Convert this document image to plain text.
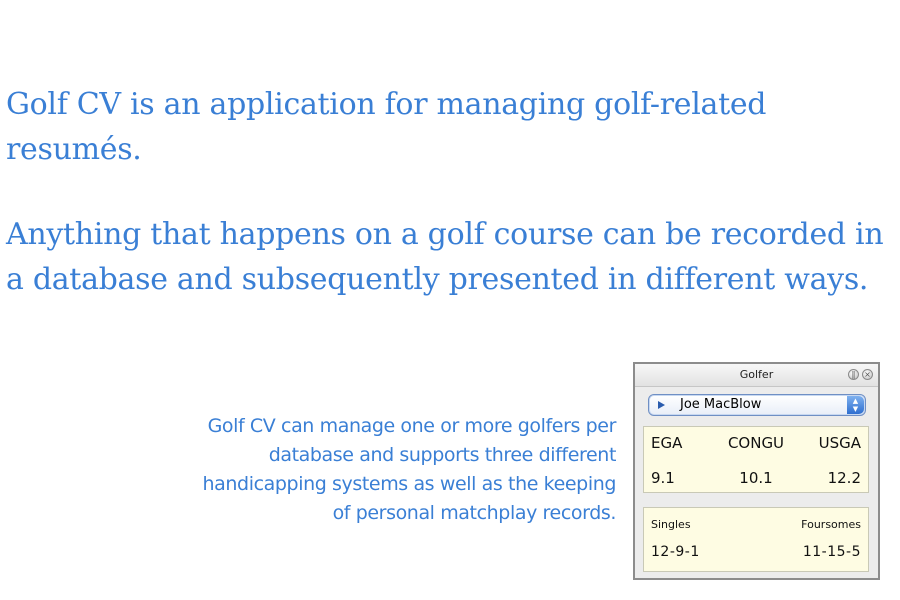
Golf CV is an application for managing golf-related resumés.

Anything that happens on a golf course can be recorded in a database and subsequently presented in different ways.

Golf CV can manage one or more golfers per database and supports three different handicapping systems as well as the keeping of personal matchplay records.
Golfer	∥	×
Joe MacBlow	▲
▼
EGA	CONGU	USGA
9.1	10.1	12.2
Singles	Foursomes
12-9-1	11-15-5
